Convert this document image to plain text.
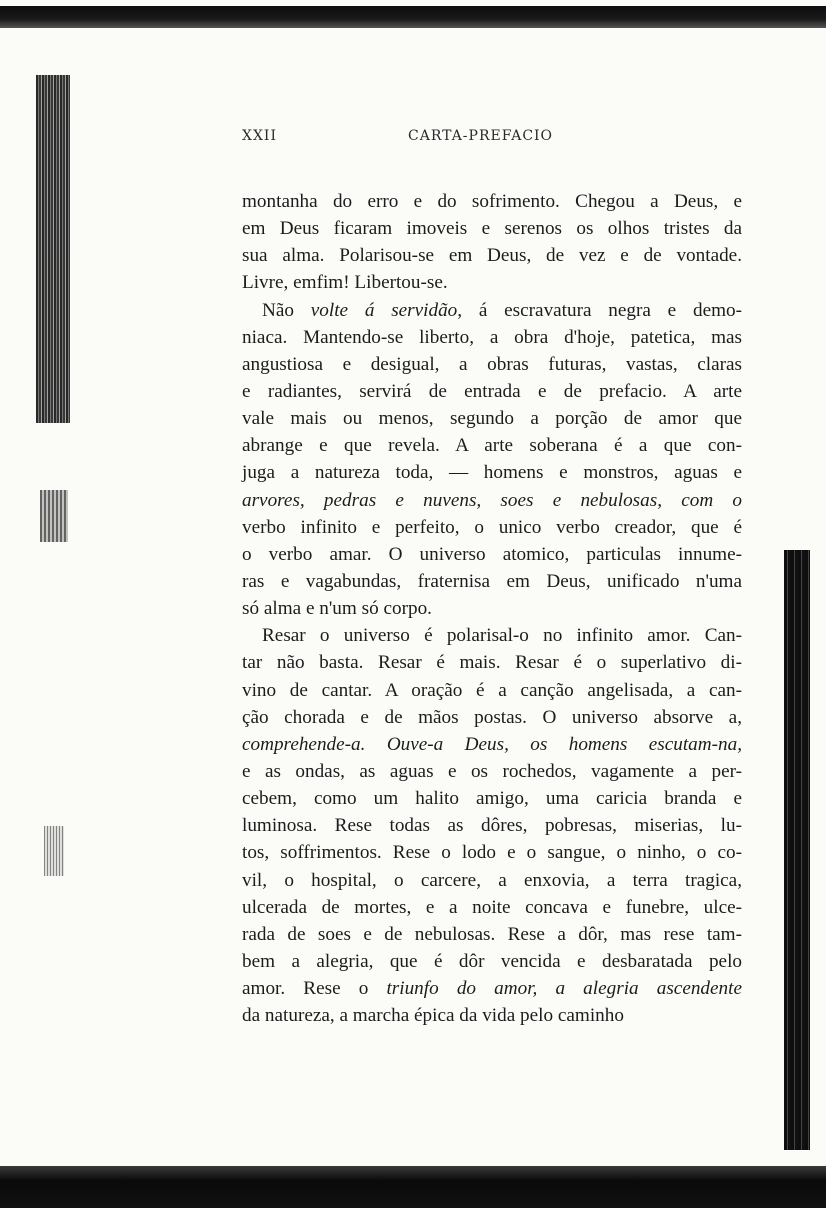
XXII	CARTA-PREFACIO
montanha do erro e do sofrimento. Chegou a Deus, e
em Deus ficaram imoveis e serenos os olhos tristes da
sua alma. Polarisou-se em Deus, de vez e de vontade.
Livre, emfim! Libertou-se.
Não volte á servidão, á escravatura negra e demo-
niaca. Mantendo-se liberto, a obra d'hoje, patetica, mas
angustiosa e desigual, a obras futuras, vastas, claras
e radiantes, servirá de entrada e de prefacio. A arte
vale mais ou menos, segundo a porção de amor que
abrange e que revela. A arte soberana é a que con-
juga a natureza toda, — homens e monstros, aguas e
arvores, pedras e nuvens, soes e nebulosas, com o
verbo infinito e perfeito, o unico verbo creador, que é
o verbo amar. O universo atomico, particulas innume-
ras e vagabundas, fraternisa em Deus, unificado n'uma
só alma e n'um só corpo.
Resar o universo é polarisal-o no infinito amor. Can-
tar não basta. Resar é mais. Resar é o superlativo di-
vino de cantar. A oração é a canção angelisada, a can-
ção chorada e de mãos postas. O universo absorve a,
comprehende-a. Ouve-a Deus, os homens escutam-na,
e as ondas, as aguas e os rochedos, vagamente a per-
cebem, como um halito amigo, uma caricia branda e
luminosa. Rese todas as dôres, pobresas, miserias, lu-
tos, soffrimentos. Rese o lodo e o sangue, o ninho, o co-
vil, o hospital, o carcere, a enxovia, a terra tragica,
ulcerada de mortes, e a noite concava e funebre, ulce-
rada de soes e de nebulosas. Rese a dôr, mas rese tam-
bem a alegria, que é dôr vencida e desbaratada pelo
amor. Rese o triunfo do amor, a alegria ascendente
da natureza, a marcha épica da vida pelo caminho
